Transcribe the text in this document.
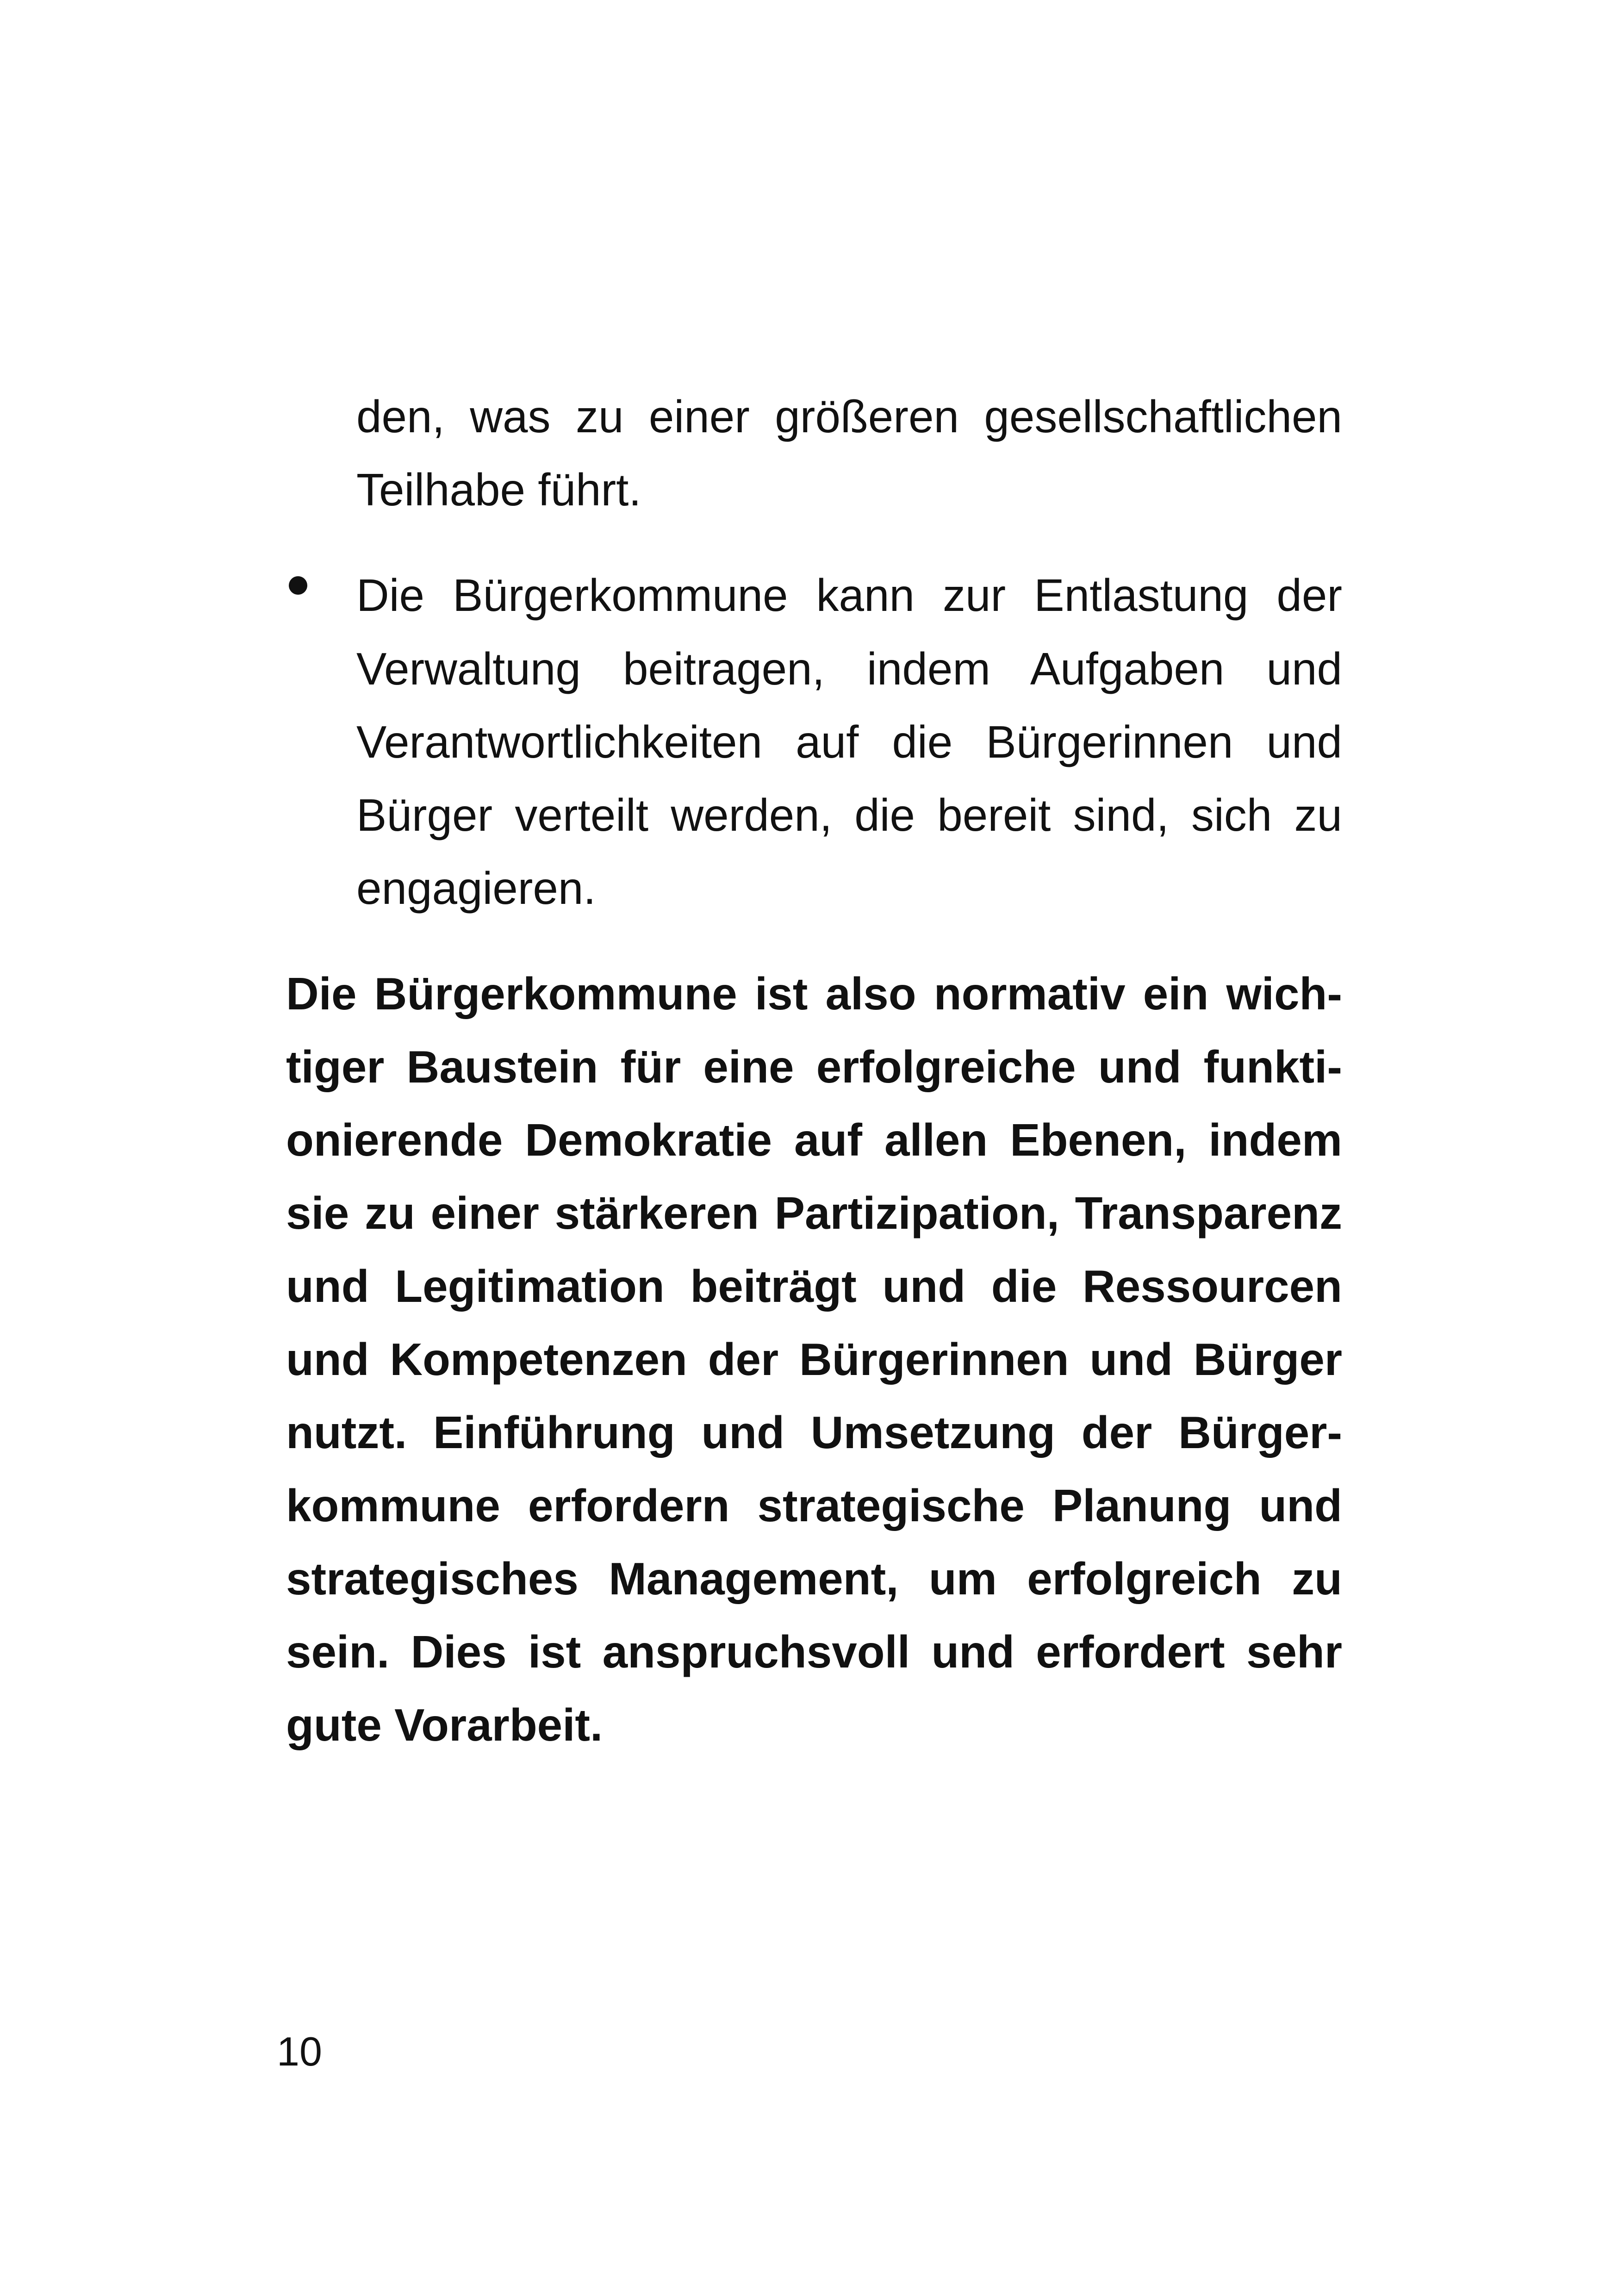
den, was zu einer größeren gesellschaftlichen

Teilhabe führt.

Die Bürgerkommune kann zur Entlastung der

Verwaltung beitragen, indem Aufgaben und

Verantwortlichkeiten auf die Bürgerinnen und

Bürger verteilt werden, die bereit sind, sich zu

engagieren.

Die Bürgerkommune ist also normativ ein wich-

tiger Baustein für eine erfolgreiche und funkti-

onierende Demokratie auf allen Ebenen, indem

sie zu einer stärkeren Partizipation, Transparenz

und Legitimation beiträgt und die Ressourcen

und Kompetenzen der Bürgerinnen und Bürger

nutzt. Einführung und Umsetzung der Bürger-

kommune erfordern strategische Planung und

strategisches Management, um erfolgreich zu

sein. Dies ist anspruchsvoll und erfordert sehr

gute Vorarbeit.

10
